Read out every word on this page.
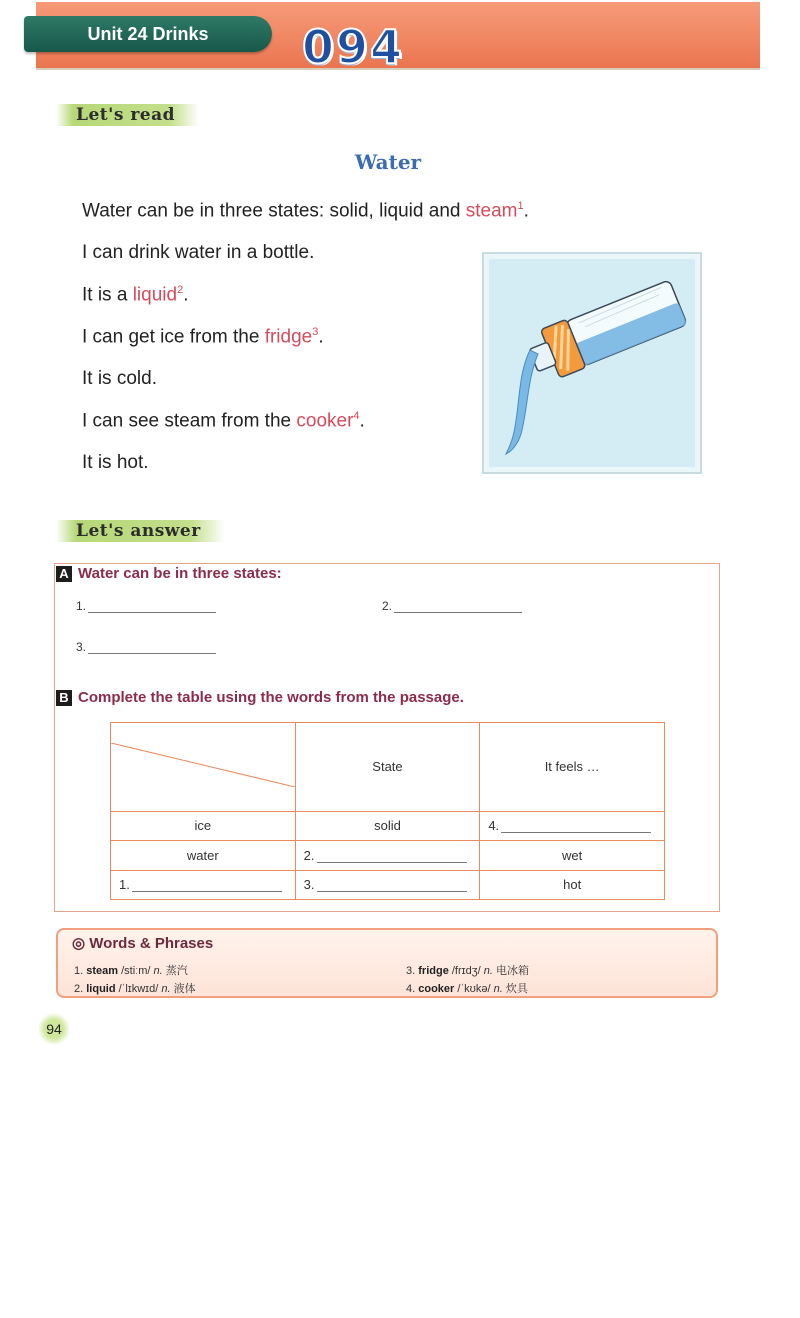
Unit 24 Drinks 094
Let's read
Water
Water can be in three states: solid, liquid and steam$^1$.
I can drink water in a bottle.
It is a liquid$^2$.
I can get ice from the fridge$^3$.
It is cold.
I can see steam from the cooker$^4$.
It is hot.
Let's answer
A Water can be in three states:
1.	2.
3.
B Complete the table using the words from the passage.
	State	It feels …
ice	solid	4.
water	2.	wet
1.	3.	hot
◎ Words & Phrases
1. steam /stiːm/ n. 蒸汽
2. liquid /ˈlɪkwɪd/ n. 液体
3. fridge /frɪdʒ/ n. 电冰箱
4. cooker /ˈkʊkə/ n. 炊具
94
